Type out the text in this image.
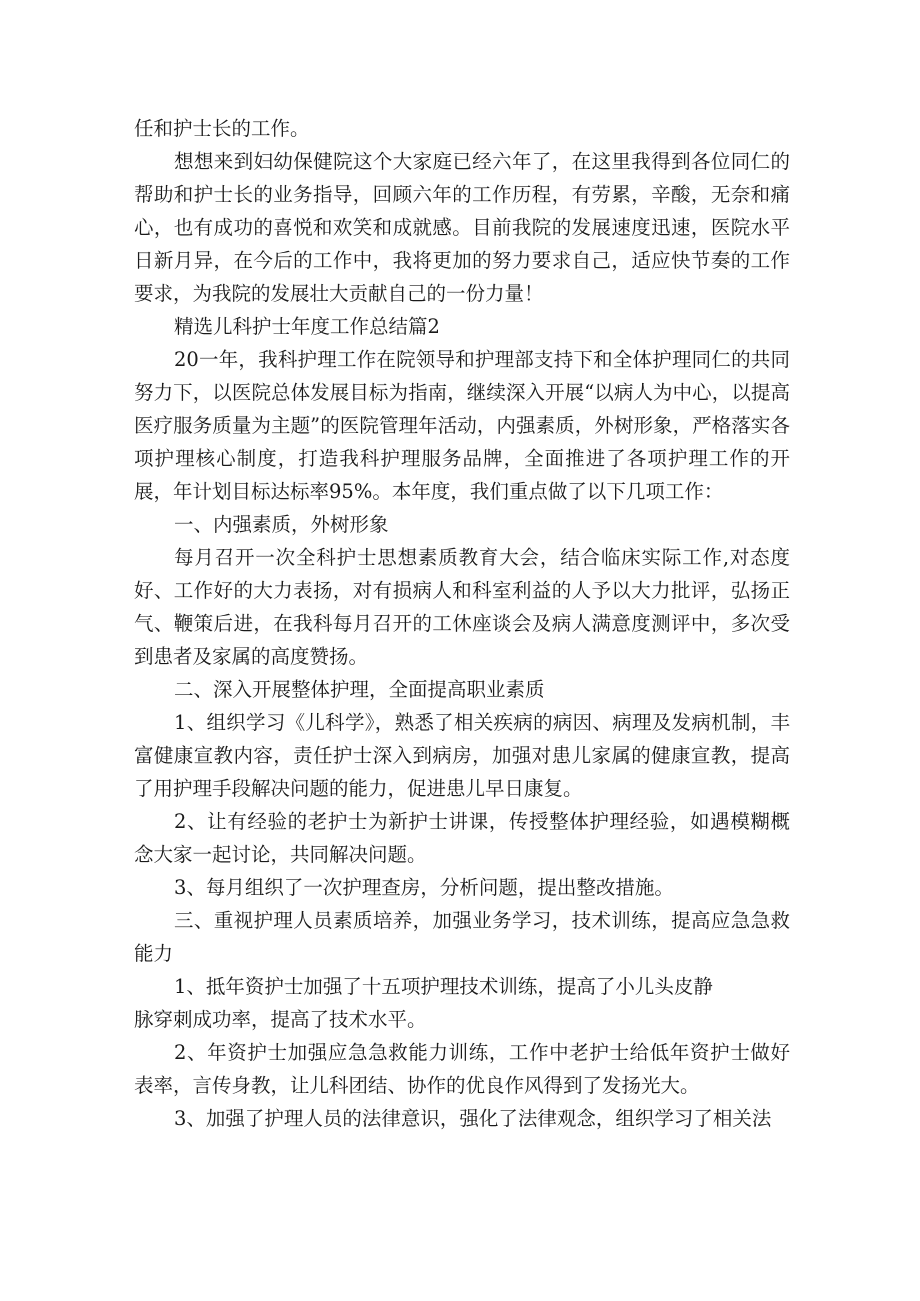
任和护士长的工作。

想想来到妇幼保健院这个大家庭已经六年了，在这里我得到各位同仁的帮助和护士长的业务指导，回顾六年的工作历程，有劳累，辛酸，无奈和痛心，也有成功的喜悦和欢笑和成就感。目前我院的发展速度迅速，医院水平日新月异，在今后的工作中，我将更加的努力要求自己，适应快节奏的工作要求，为我院的发展壮大贡献自己的一份力量！

精选儿科护士年度工作总结篇2

20一年，我科护理工作在院领导和护理部支持下和全体护理同仁的共同努力下，以医院总体发展目标为指南，继续深入开展“以病人为中心，以提高医疗服务质量为主题”的医院管理年活动，内强素质，外树形象，严格落实各项护理核心制度，打造我科护理服务品牌，全面推进了各项护理工作的开展，年计划目标达标率95%。本年度，我们重点做了以下几项工作：

一、内强素质，外树形象

每月召开一次全科护士思想素质教育大会，结合临床实际工作,对态度好、工作好的大力表扬，对有损病人和科室利益的人予以大力批评，弘扬正气、鞭策后进，在我科每月召开的工休座谈会及病人满意度测评中，多次受到患者及家属的高度赞扬。

二、深入开展整体护理，全面提高职业素质

1、组织学习《儿科学》，熟悉了相关疾病的病因、病理及发病机制，丰富健康宣教内容，责任护士深入到病房，加强对患儿家属的健康宣教，提高了用护理手段解决问题的能力，促进患儿早日康复。

2、让有经验的老护士为新护士讲课，传授整体护理经验，如遇模糊概念大家一起讨论，共同解决问题。

3、每月组织了一次护理查房，分析问题，提出整改措施。

三、重视护理人员素质培养，加强业务学习，技术训练，提高应急急救能力

1、抵年资护士加强了十五项护理技术训练，提高了小儿头皮静

脉穿刺成功率，提高了技术水平。

2、年资护士加强应急急救能力训练，工作中老护士给低年资护士做好表率，言传身教，让儿科团结、协作的优良作风得到了发扬光大。

3、加强了护理人员的法律意识，强化了法律观念，组织学习了相关法
